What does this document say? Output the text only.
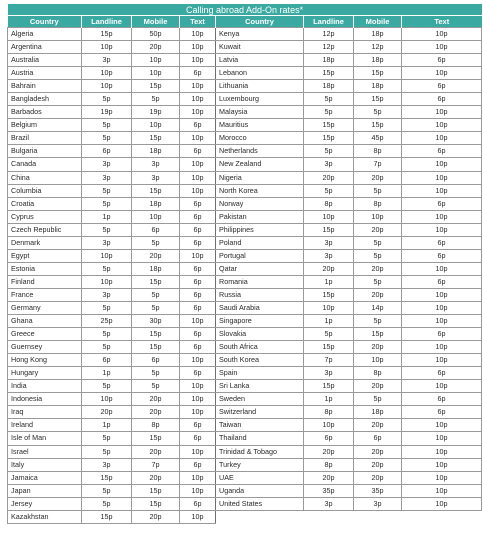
Calling abroad Add-On rates*							
Country	Landline	Mobile	Text	Country	Landline	Mobile	Text
Algeria	15p	50p	10p	Kenya	12p	18p	10p
Argentina	10p	20p	10p	Kuwait	12p	12p	10p
Australia	3p	10p	10p	Latvia	18p	18p	6p
Austria	10p	10p	6p	Lebanon	15p	15p	10p
Bahrain	10p	15p	10p	Lithuania	18p	18p	6p
Bangladesh	5p	5p	10p	Luxembourg	5p	15p	6p
Barbados	19p	19p	10p	Malaysia	5p	5p	10p
Belgium	5p	10p	6p	Mauritius	15p	15p	10p
Brazil	5p	15p	10p	Morocco	15p	45p	10p
Bulgaria	6p	18p	6p	Netherlands	5p	8p	6p
Canada	3p	3p	10p	New Zealand	3p	7p	10p
China	3p	3p	10p	Nigeria	20p	20p	10p
Columbia	5p	15p	10p	North Korea	5p	5p	10p
Croatia	5p	18p	6p	Norway	8p	8p	6p
Cyprus	1p	10p	6p	Pakistan	10p	10p	10p
Czech Republic	5p	6p	6p	Philippines	15p	20p	10p
Denmark	3p	5p	6p	Poland	3p	5p	6p
Egypt	10p	20p	10p	Portugal	3p	5p	6p
Estonia	5p	18p	6p	Qatar	20p	20p	10p
Finland	10p	15p	6p	Romania	1p	5p	6p
France	3p	5p	6p	Russia	15p	20p	10p
Germany	5p	5p	6p	Saudi Arabia	10p	14p	10p
Ghana	25p	30p	10p	Singapore	1p	5p	10p
Greece	5p	15p	6p	Slovakia	5p	15p	6p
Guernsey	5p	15p	6p	South Africa	15p	20p	10p
Hong Kong	6p	6p	10p	South Korea	7p	10p	10p
Hungary	1p	5p	6p	Spain	3p	8p	6p
India	5p	5p	10p	Sri Lanka	15p	20p	10p
Indonesia	10p	20p	10p	Sweden	1p	5p	6p
Iraq	20p	20p	10p	Switzerland	8p	18p	6p
Ireland	1p	8p	6p	Taiwan	10p	20p	10p
Isle of Man	5p	15p	6p	Thailand	6p	6p	10p
Israel	5p	20p	10p	Trinidad & Tobago	20p	20p	10p
Italy	3p	7p	6p	Turkey	8p	20p	10p
Jamaica	15p	20p	10p	UAE	20p	20p	10p
Japan	5p	15p	10p	Uganda	35p	35p	10p
Jersey	5p	15p	6p	United States	3p	3p	10p
Kazakhstan	15p	20p	10p				
